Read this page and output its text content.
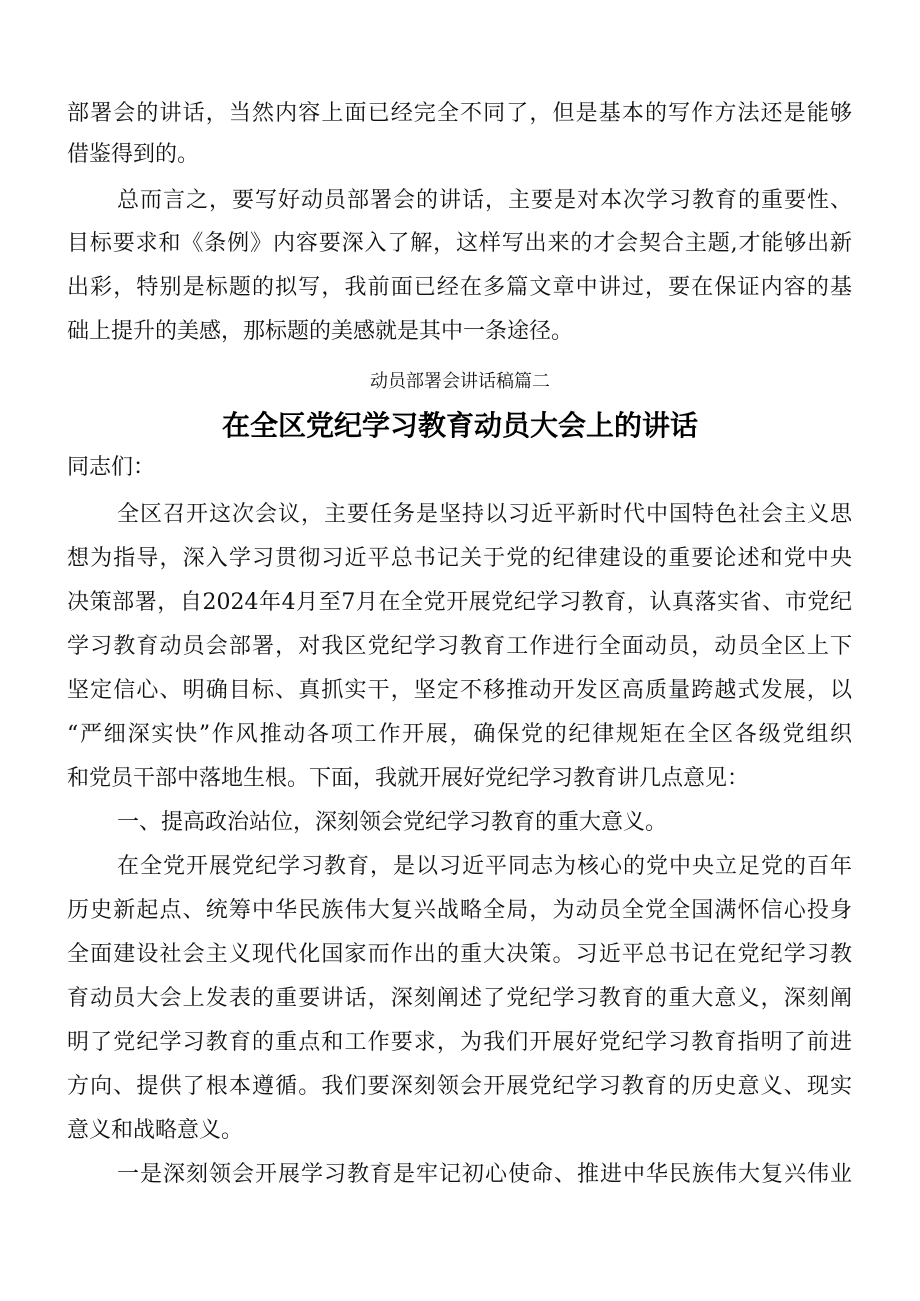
部署会的讲话，当然内容上面已经完全不同了，但是基本的写作方法还是能够

借鉴得到的。

总而言之，要写好动员部署会的讲话，主要是对本次学习教育的重要性、

目标要求和《条例》内容要深入了解，这样写出来的才会契合主题,才能够出新

出彩，特别是标题的拟写，我前面已经在多篇文章中讲过，要在保证内容的基

础上提升的美感，那标题的美感就是其中一条途径。

动员部署会讲话稿篇二

在全区党纪学习教育动员大会上的讲话

同志们：

全区召开这次会议，主要任务是坚持以习近平新时代中国特色社会主义思

想为指导，深入学习贯彻习近平总书记关于党的纪律建设的重要论述和党中央

决策部署，自2024年4月至7月在全党开展党纪学习教育，认真落实省、市党纪

学习教育动员会部署，对我区党纪学习教育工作进行全面动员，动员全区上下

坚定信心、明确目标、真抓实干，坚定不移推动开发区高质量跨越式发展，以

“严细深实快”作风推动各项工作开展，确保党的纪律规矩在全区各级党组织

和党员干部中落地生根。下面，我就开展好党纪学习教育讲几点意见：

一、提高政治站位，深刻领会党纪学习教育的重大意义。

在全党开展党纪学习教育，是以习近平同志为核心的党中央立足党的百年

历史新起点、统筹中华民族伟大复兴战略全局，为动员全党全国满怀信心投身

全面建设社会主义现代化国家而作出的重大决策。习近平总书记在党纪学习教

育动员大会上发表的重要讲话，深刻阐述了党纪学习教育的重大意义，深刻阐

明了党纪学习教育的重点和工作要求，为我们开展好党纪学习教育指明了前进

方向、提供了根本遵循。我们要深刻领会开展党纪学习教育的历史意义、现实

意义和战略意义。

一是深刻领会开展学习教育是牢记初心使命、推进中华民族伟大复兴伟业
